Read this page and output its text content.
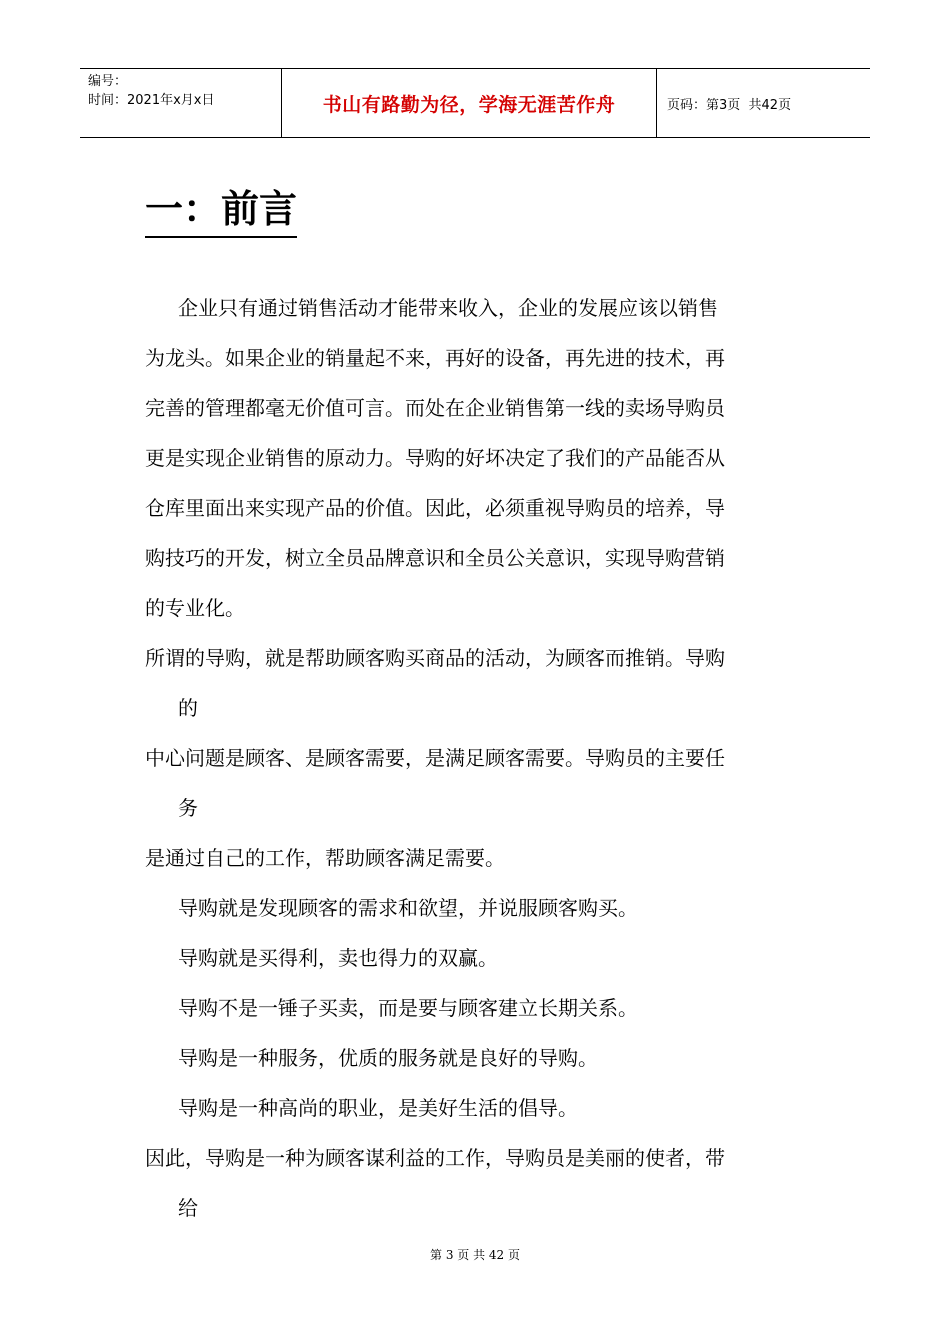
编号：
时间：2021年x月x日	书山有路勤为径，学海无涯苦作舟	页码：第3页  共42页
一：前言
企业只有通过销售活动才能带来收入，企业的发展应该以销售
为龙头。如果企业的销量起不来，再好的设备，再先进的技术，再
完善的管理都毫无价值可言。而处在企业销售第一线的卖场导购员
更是实现企业销售的原动力。导购的好坏决定了我们的产品能否从
仓库里面出来实现产品的价值。因此，必须重视导购员的培养，导
购技巧的开发，树立全员品牌意识和全员公关意识，实现导购营销
的专业化。
所谓的导购，就是帮助顾客购买商品的活动，为顾客而推销。导购
的
中心问题是顾客、是顾客需要，是满足顾客需要。导购员的主要任
务
是通过自己的工作，帮助顾客满足需要。
导购就是发现顾客的需求和欲望，并说服顾客购买。
导购就是买得利，卖也得力的双赢。
导购不是一锤子买卖，而是要与顾客建立长期关系。
导购是一种服务，优质的服务就是良好的导购。
导购是一种高尚的职业，是美好生活的倡导。
因此，导购是一种为顾客谋利益的工作，导购员是美丽的使者，带
给
第 3 页 共 42 页
